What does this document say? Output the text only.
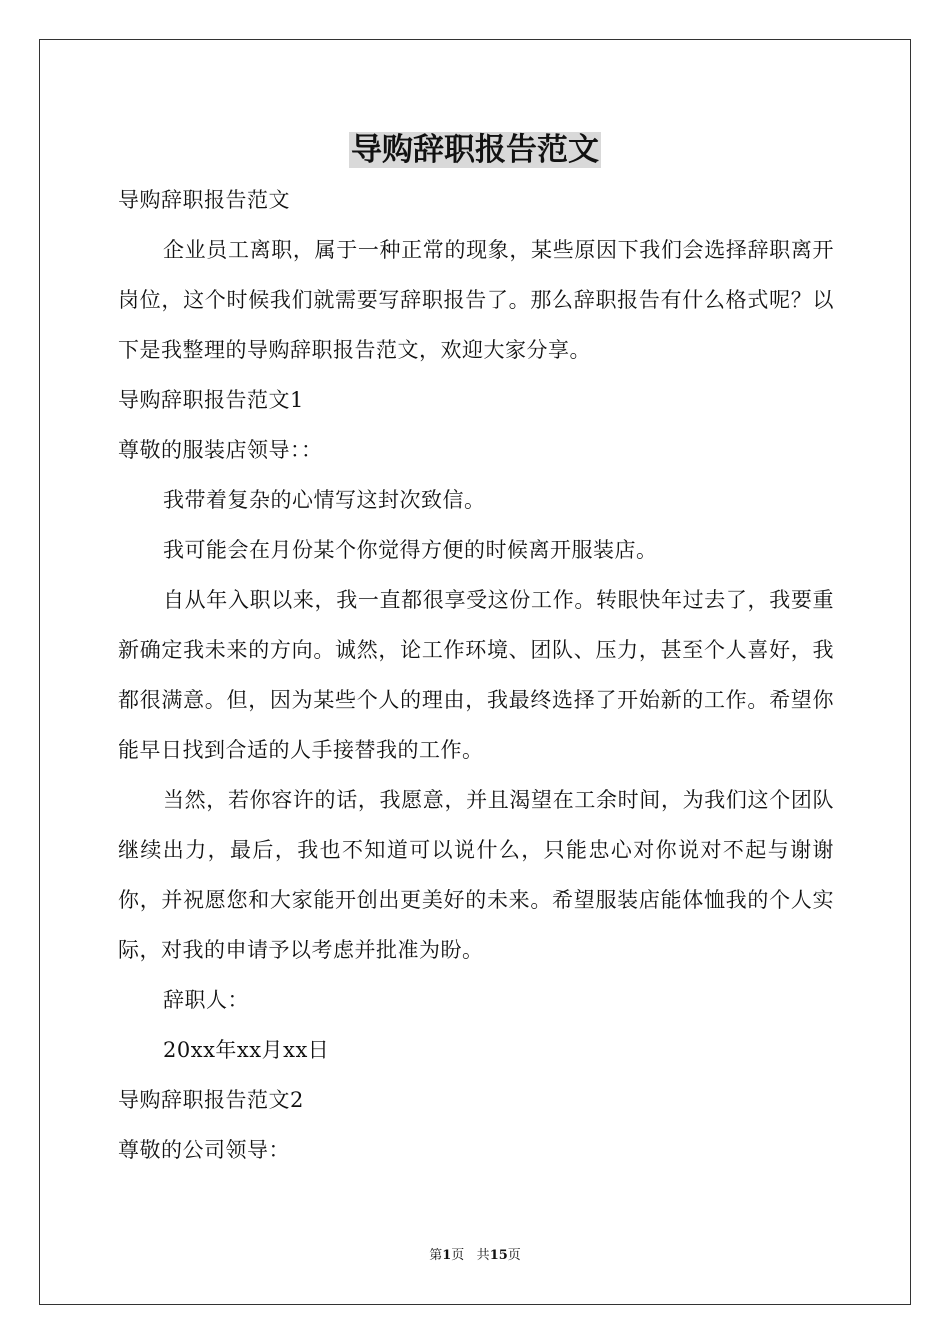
导购辞职报告范文

导购辞职报告范文

企业员工离职，属于一种正常的现象，某些原因下我们会选择辞职离开岗位，这个时候我们就需要写辞职报告了。那么辞职报告有什么格式呢？以下是我整理的导购辞职报告范文，欢迎大家分享。

导购辞职报告范文1

尊敬的服装店领导：：

我带着复杂的心情写这封次致信。

我可能会在月份某个你觉得方便的时候离开服装店。

自从年入职以来，我一直都很享受这份工作。转眼快年过去了，我要重新确定我未来的方向。诚然，论工作环境、团队、压力，甚至个人喜好，我都很满意。但，因为某些个人的理由，我最终选择了开始新的工作。希望你能早日找到合适的人手接替我的工作。

当然，若你容许的话，我愿意，并且渴望在工余时间，为我们这个团队继续出力，最后，我也不知道可以说什么，只能忠心对你说对不起与谢谢你，并祝愿您和大家能开创出更美好的未来。希望服装店能体恤我的个人实际，对我的申请予以考虑并批准为盼。

辞职人：

20xx年xx月xx日

导购辞职报告范文2

尊敬的公司领导：

第1页 共15页
